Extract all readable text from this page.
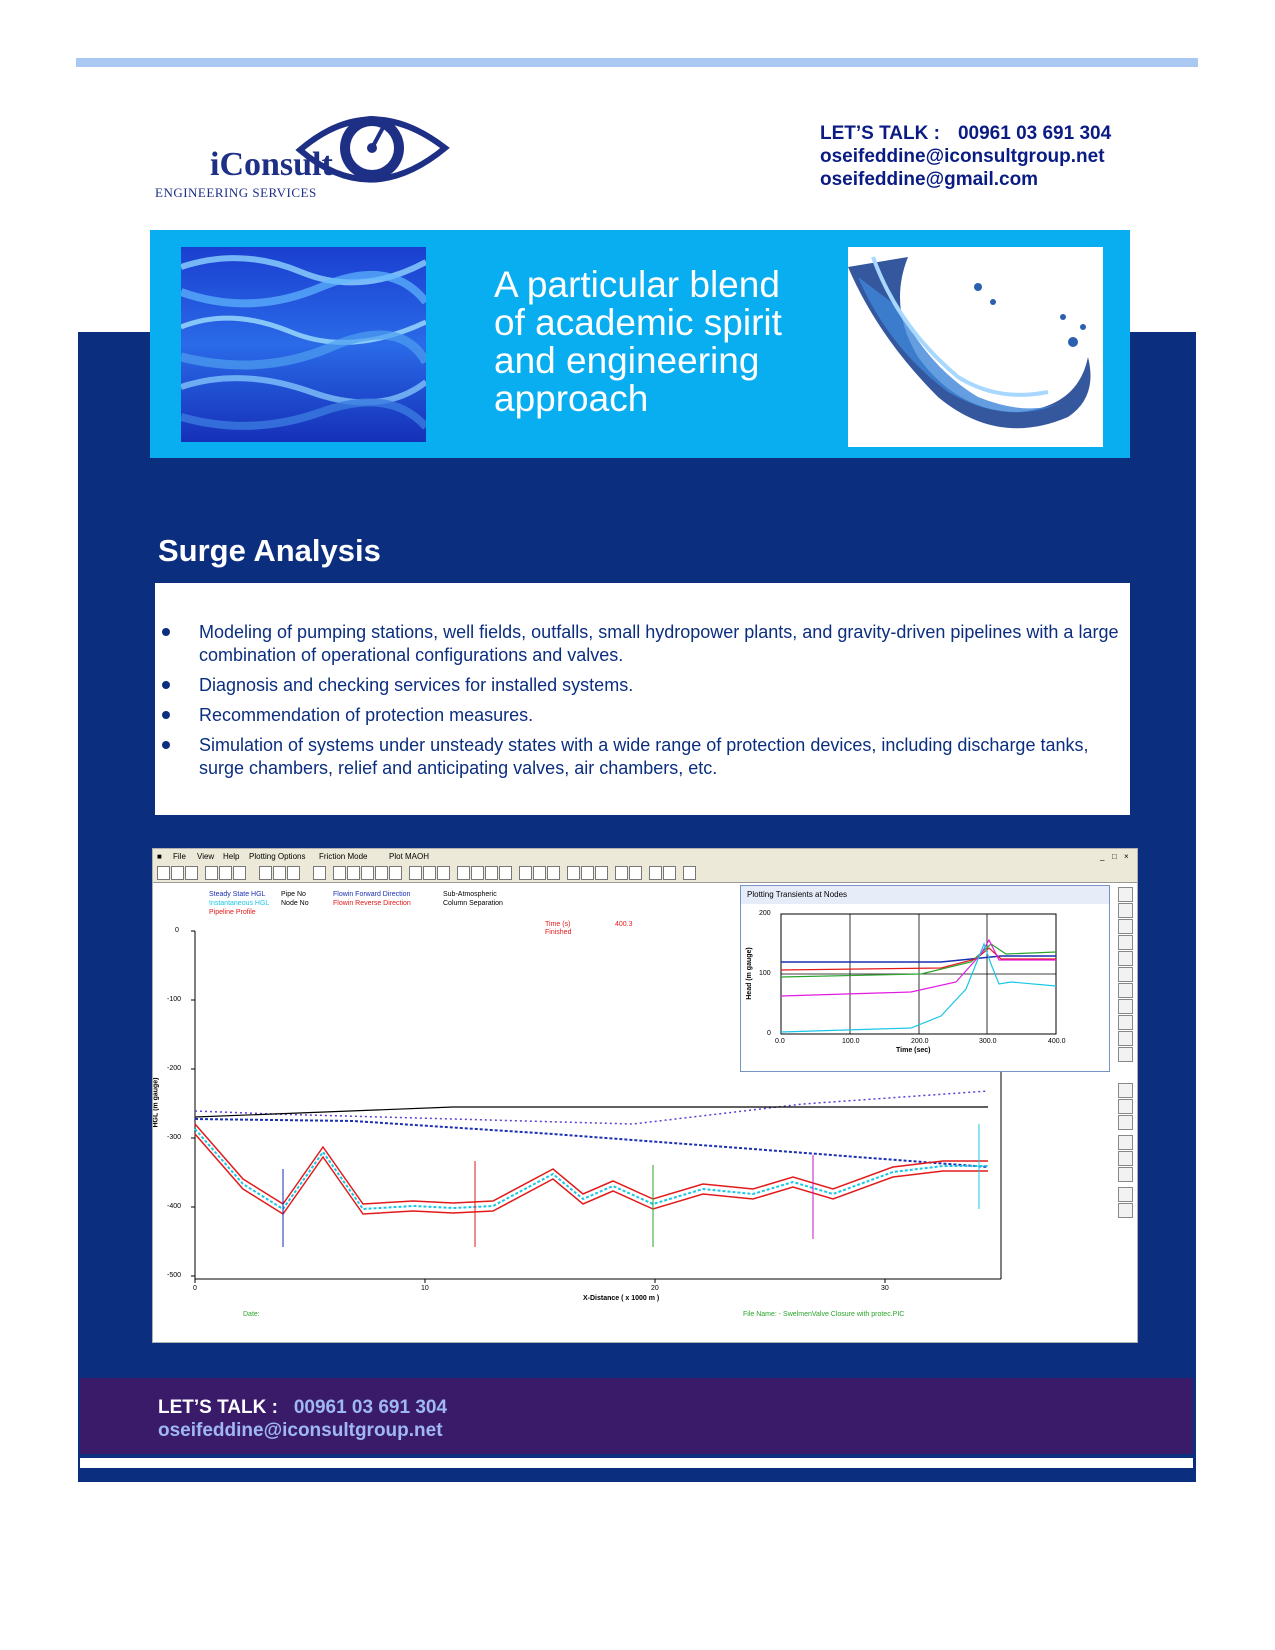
iConsult
ENGINEERING SERVICES
LET’S TALK : 00961 03 691 304
oseifeddine@iconsultgroup.net
oseifeddine@gmail.com
A particular blend
of academic spirit
and engineering
approach
Surge Analysis
Modeling of pumping stations, well fields, outfalls, small hydropower plants, and gravity-driven pipelines with a large combination of operational configurations and valves.
Diagnosis and checking services for installed systems.
Recommendation of protection measures.
Simulation of systems under unsteady states with a wide range of protection devices, including discharge tanks, surge chambers, relief and anticipating valves, air chambers, etc.
■ File View Help Plotting Options Friction Mode	Plot MAOH	_ □ ×
Steady State HGL
Instantaneous HGL
Pipeline Profile
Pipe No
Node No
Flowin Forward Direction
Flowin Reverse Direction
Sub-Atmospheric
Column Separation
Time (s)
Finished
400.3
0
-100
-200
-300
-400
-500
0	10	20	30
X-Distance ( x 1000 m )
HGL (m gauge)
Date:	File Name: - SwelmenValve Closure with protec.PIC
Plotting Transients at Nodes
200
100
0
0.0	100.0	200.0	300.0	400.0
Time (sec)
Head (m gauge)
LET’S TALK : 00961 03 691 304
oseifeddine@iconsultgroup.net
